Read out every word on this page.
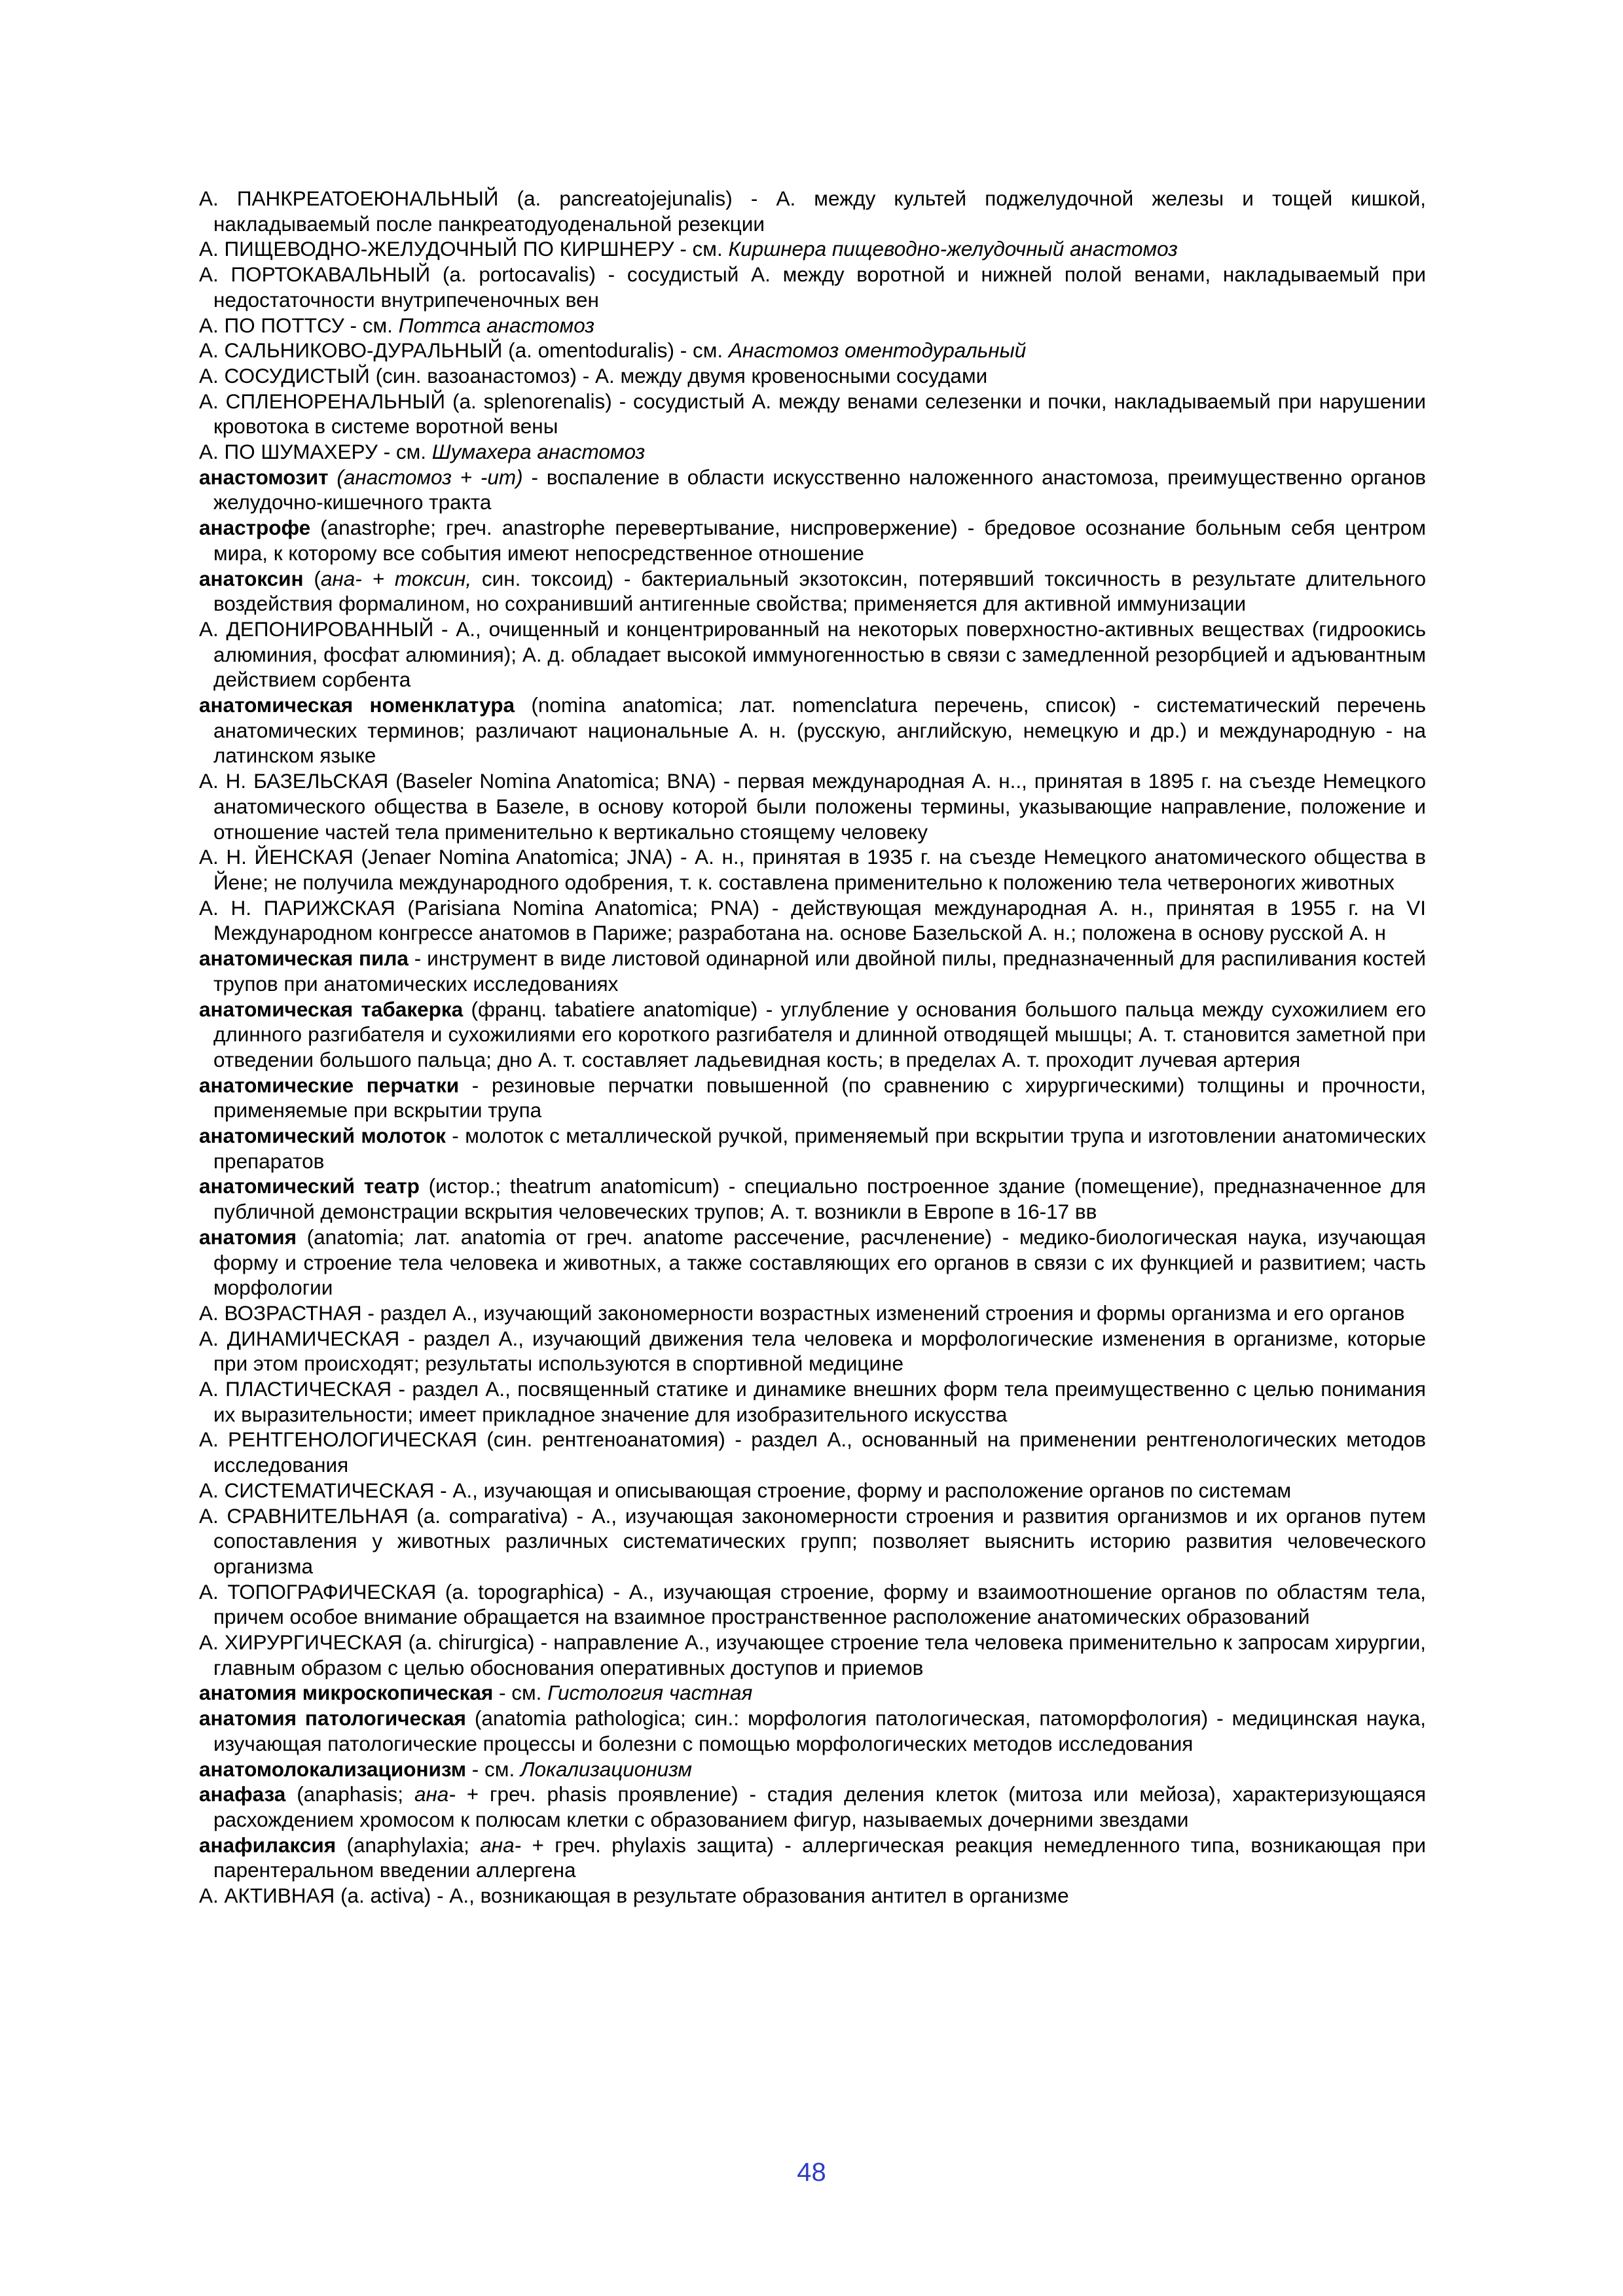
А. ПАНКРЕАТОЕЮНАЛЬНЫЙ (a. pancreatojejunalis) - А. между культей поджелудочной железы и тощей кишкой, накладываемый после панкреатодуоденальной резекции
А. ПИЩЕВОДНО-ЖЕЛУДОЧНЫЙ ПО КИРШНЕРУ - см. Киршнера пищеводно-желудочный анастомоз
А. ПОРТОКАВАЛЬНЫЙ (a. portocavalis) - сосудистый А. между воротной и нижней полой венами, накладываемый при недостаточности внутрипеченочных вен
А. ПО ПОТТСУ - см. Поттса анастомоз
А. САЛЬНИКОВО-ДУРАЛЬНЫЙ (a. omentoduralis) - см. Анастомоз оментодуральный
А. СОСУДИСТЫЙ (син. вазоанастомоз) - А. между двумя кровеносными сосудами
А. СПЛЕНОРЕНАЛЬНЫЙ (a. splenorenalis) - сосудистый А. между венами селезенки и почки, накладываемый при нарушении кровотока в системе воротной вены
А. ПО ШУМАХЕРУ - см. Шумахера анастомоз
анастомозит (анастомоз + -ит) - воспаление в области искусственно наложенного анастомоза, преимущественно органов желудочно-кишечного тракта
анастрофе (anastrophe; греч. anastrophe перевертывание, ниспровержение) - бредовое осознание больным себя центром мира, к которому все события имеют непосредственное отношение
анатоксин (ана- + токсин, син. токсоид) - бактериальный экзотоксин, потерявший токсичность в результате длительного воздействия формалином, но сохранивший антигенные свойства; применяется для активной иммунизации
А. ДЕПОНИРОВАННЫЙ - А., очищенный и концентрированный на некоторых поверхностно-активных веществах (гидроокись алюминия, фосфат алюминия); А. д. обладает высокой иммуногенностью в связи с замедленной резорбцией и адъювантным действием сорбента
анатомическая номенклатура (nomina anatomica; лат. nomenclatura перечень, список) - систематический перечень анатомических терминов; различают национальные А. н. (русскую, английскую, немецкую и др.) и международную - на латинском языке
А. Н. БАЗЕЛЬСКАЯ (Baseler Nomina Anatomica; BNA) - первая международная А. н.., принятая в 1895 г. на съезде Немецкого анатомического общества в Базеле, в основу которой были положены термины, указывающие направление, положение и отношение частей тела применительно к вертикально стоящему человеку
А. Н. ЙЕНСКАЯ (Jenaer Nomina Anatomica; JNA) - А. н., принятая в 1935 г. на съезде Немецкого анатомического общества в Йене; не получила международного одобрения, т. к. составлена применительно к положению тела четвероногих животных
А. Н. ПАРИЖСКАЯ (Parisiana Nomina Anatomica; PNA) - действующая международная А. н., принятая в 1955 г. на VI Международном конгрессе анатомов в Париже; разработана на. основе Базельской А. н.; положена в основу русской А. н
анатомическая пила - инструмент в виде листовой одинарной или двойной пилы, предназначенный для распиливания костей трупов при анатомических исследованиях
анатомическая табакерка (франц. tabatiere anatomique) - углубление у основания большого пальца между сухожилием его длинного разгибателя и сухожилиями его короткого разгибателя и длинной отводящей мышцы; А. т. становится заметной при отведении большого пальца; дно А. т. составляет ладьевидная кость; в пределах А. т. проходит лучевая артерия
анатомические перчатки - резиновые перчатки повышенной (по сравнению с хирургическими) толщины и прочности, применяемые при вскрытии трупа
анатомический молоток - молоток с металлической ручкой, применяемый при вскрытии трупа и изготовлении анатомических препаратов
анатомический театр (истор.; theatrum anatomicum) - специально построенное здание (помещение), предназначенное для публичной демонстрации вскрытия человеческих трупов; А. т. возникли в Европе в 16-17 вв
анатомия (anatomia; лат. anatomia от греч. anatome рассечение, расчленение) - медико-биологическая наука, изучающая форму и строение тела человека и животных, а также составляющих его органов в связи с их функцией и развитием; часть морфологии
А. ВОЗРАСТНАЯ - раздел А., изучающий закономерности возрастных изменений строения и формы организма и его органов
А. ДИНАМИЧЕСКАЯ - раздел А., изучающий движения тела человека и морфологические изменения в организме, которые при этом происходят; результаты используются в спортивной медицине
А. ПЛАСТИЧЕСКАЯ - раздел А., посвященный статике и динамике внешних форм тела преимущественно с целью понимания их выразительности; имеет прикладное значение для изобразительного искусства
А. РЕНТГЕНОЛОГИЧЕСКАЯ (син. рентгеноанатомия) - раздел А., основанный на применении рентгенологических методов исследования
А. СИСТЕМАТИЧЕСКАЯ - А., изучающая и описывающая строение, форму и расположение органов по системам
А. СРАВНИТЕЛЬНАЯ (a. comparativa) - А., изучающая закономерности строения и развития организмов и их органов путем сопоставления у животных различных систематических групп; позволяет выяснить историю развития человеческого организма
А. ТОПОГРАФИЧЕСКАЯ (a. topographica) - А., изучающая строение, форму и взаимоотношение органов по областям тела, причем особое внимание обращается на взаимное пространственное расположение анатомических образований
А. ХИРУРГИЧЕСКАЯ (a. chirurgica) - направление А., изучающее строение тела человека применительно к запросам хирургии, главным образом с целью обоснования оперативных доступов и приемов
анатомия микроскопическая - см. Гистология частная
анатомия патологическая (anatomia pathologica; син.: морфология патологическая, патоморфология) - медицинская наука, изучающая патологические процессы и болезни с помощью морфологических методов исследования
анатомолокализационизм - см. Локализационизм
анафаза (anaphasis; ана- + греч. phasis проявление) - стадия деления клеток (митоза или мейоза), характеризующаяся расхождением хромосом к полюсам клетки с образованием фигур, называемых дочерними звездами
анафилаксия (anaphylaxia; ана- + греч. phylaxis защита) - аллергическая реакция немедленного типа, возникающая при парентеральном введении аллергена
А. АКТИВНАЯ (a. activa) - А., возникающая в результате образования антител в организме
48
